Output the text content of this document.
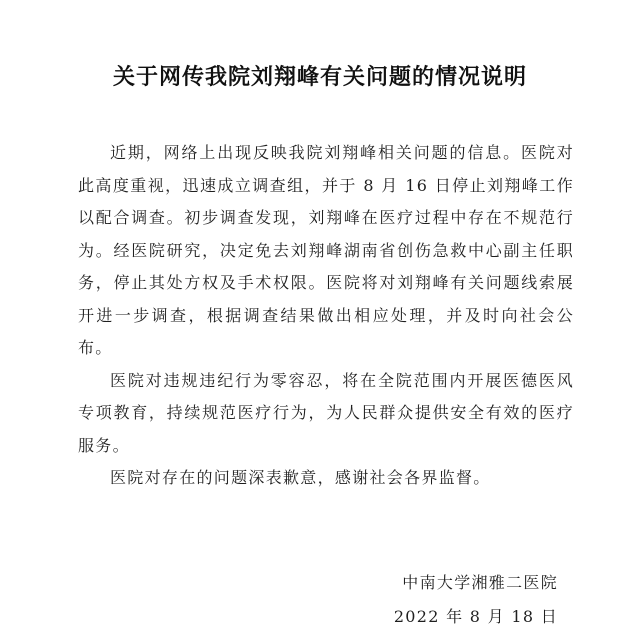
关于网传我院刘翔峰有关问题的情况说明

近期，网络上出现反映我院刘翔峰相关问题的信息。医院对此高度重视，迅速成立调查组，并于 8 月 16 日停止刘翔峰工作以配合调查。初步调查发现，刘翔峰在医疗过程中存在不规范行为。经医院研究，决定免去刘翔峰湖南省创伤急救中心副主任职务，停止其处方权及手术权限。医院将对刘翔峰有关问题线索展开进一步调查，根据调查结果做出相应处理，并及时向社会公布。

医院对违规违纪行为零容忍，将在全院范围内开展医德医风专项教育，持续规范医疗行为，为人民群众提供安全有效的医疗服务。

医院对存在的问题深表歉意，感谢社会各界监督。

中南大学湘雅二医院
2022 年 8 月 18 日
